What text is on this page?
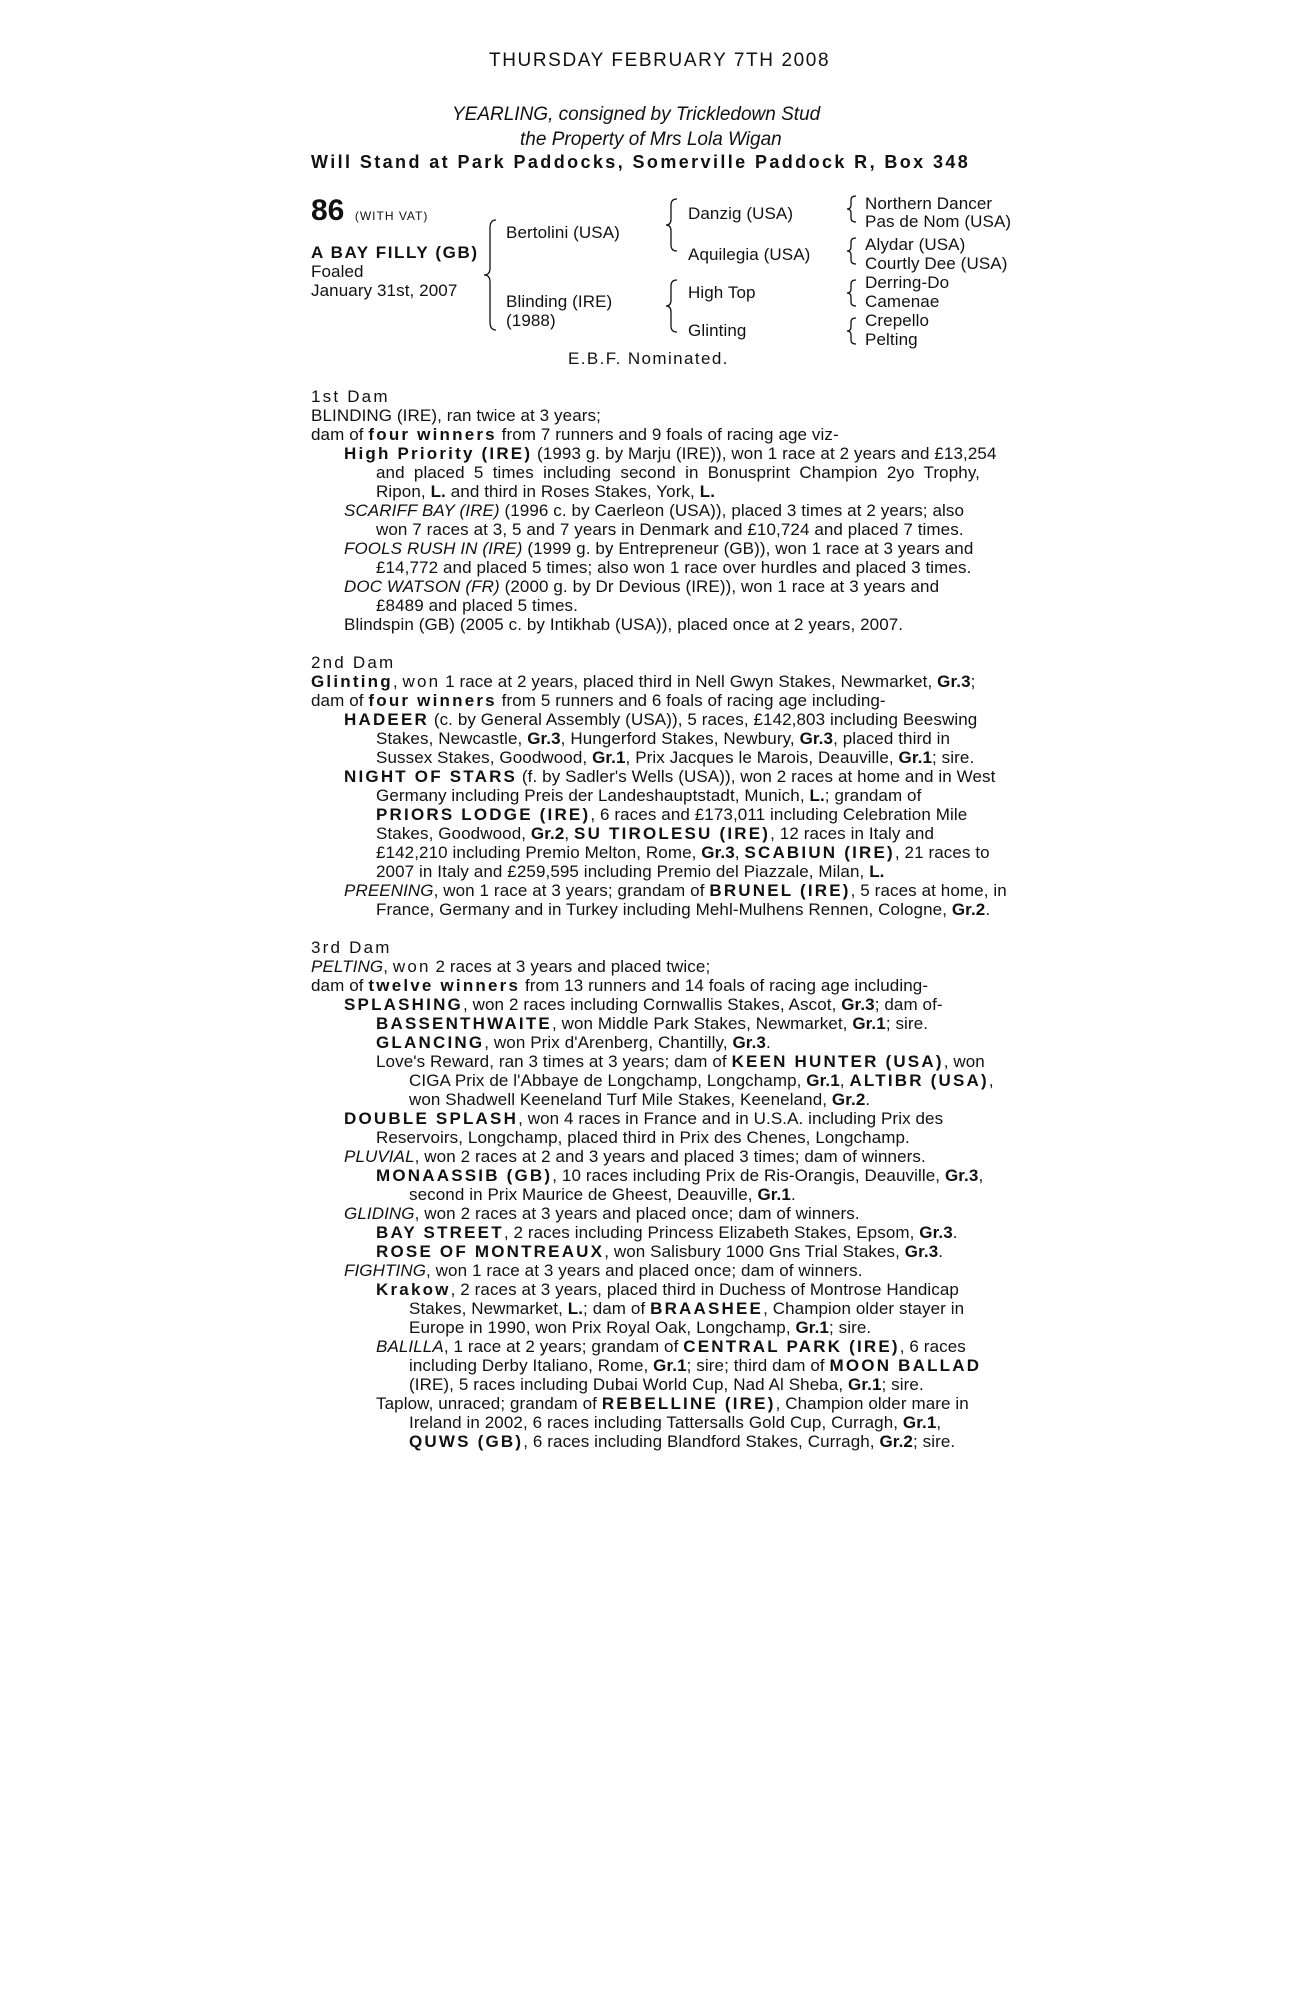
THURSDAY FEBRUARY 7TH 2008
YEARLING, consigned by Trickledown Stud
the Property of Mrs Lola Wigan
Will Stand at Park Paddocks, Somerville Paddock R, Box 348
86 (WITH VAT)
A BAY FILLY (GB)
Foaled
January 31st, 2007
Bertolini (USA)
Blinding (IRE)
(1988)
Danzig (USA)
Aquilegia (USA)
High Top
Glinting
Northern Dancer
Pas de Nom (USA)
Alydar (USA)
Courtly Dee (USA)
Derring-Do
Camenae
Crepello
Pelting
E.B.F. Nominated.
1st Dam
BLINDING (IRE), ran twice at 3 years;
dam of four winners from 7 runners and 9 foals of racing age viz-
High Priority (IRE) (1993 g. by Marju (IRE)), won 1 race at 2 years and £13,254
and placed 5 times including second in Bonusprint Champion 2yo Trophy,
Ripon, L. and third in Roses Stakes, York, L.
SCARIFF BAY (IRE) (1996 c. by Caerleon (USA)), placed 3 times at 2 years; also
won 7 races at 3, 5 and 7 years in Denmark and £10,724 and placed 7 times.
FOOLS RUSH IN (IRE) (1999 g. by Entrepreneur (GB)), won 1 race at 3 years and
£14,772 and placed 5 times; also won 1 race over hurdles and placed 3 times.
DOC WATSON (FR) (2000 g. by Dr Devious (IRE)), won 1 race at 3 years and
£8489 and placed 5 times.
Blindspin (GB) (2005 c. by Intikhab (USA)), placed once at 2 years, 2007.
2nd Dam
Glinting, won 1 race at 2 years, placed third in Nell Gwyn Stakes, Newmarket, Gr.3;
dam of four winners from 5 runners and 6 foals of racing age including-
HADEER (c. by General Assembly (USA)), 5 races, £142,803 including Beeswing
Stakes, Newcastle, Gr.3, Hungerford Stakes, Newbury, Gr.3, placed third in
Sussex Stakes, Goodwood, Gr.1, Prix Jacques le Marois, Deauville, Gr.1; sire.
NIGHT OF STARS (f. by Sadler's Wells (USA)), won 2 races at home and in West
Germany including Preis der Landeshauptstadt, Munich, L.; grandam of
PRIORS LODGE (IRE), 6 races and £173,011 including Celebration Mile
Stakes, Goodwood, Gr.2, SU TIROLESU (IRE), 12 races in Italy and
£142,210 including Premio Melton, Rome, Gr.3, SCABIUN (IRE), 21 races to
2007 in Italy and £259,595 including Premio del Piazzale, Milan, L.
PREENING, won 1 race at 3 years; grandam of BRUNEL (IRE), 5 races at home, in
France, Germany and in Turkey including Mehl-Mulhens Rennen, Cologne, Gr.2.
3rd Dam
PELTING, won 2 races at 3 years and placed twice;
dam of twelve winners from 13 runners and 14 foals of racing age including-
SPLASHING, won 2 races including Cornwallis Stakes, Ascot, Gr.3; dam of-
BASSENTHWAITE, won Middle Park Stakes, Newmarket, Gr.1; sire.
GLANCING, won Prix d'Arenberg, Chantilly, Gr.3.
Love's Reward, ran 3 times at 3 years; dam of KEEN HUNTER (USA), won
CIGA Prix de l'Abbaye de Longchamp, Longchamp, Gr.1, ALTIBR (USA),
won Shadwell Keeneland Turf Mile Stakes, Keeneland, Gr.2.
DOUBLE SPLASH, won 4 races in France and in U.S.A. including Prix des
Reservoirs, Longchamp, placed third in Prix des Chenes, Longchamp.
PLUVIAL, won 2 races at 2 and 3 years and placed 3 times; dam of winners.
MONAASSIB (GB), 10 races including Prix de Ris-Orangis, Deauville, Gr.3,
second in Prix Maurice de Gheest, Deauville, Gr.1.
GLIDING, won 2 races at 3 years and placed once; dam of winners.
BAY STREET, 2 races including Princess Elizabeth Stakes, Epsom, Gr.3.
ROSE OF MONTREAUX, won Salisbury 1000 Gns Trial Stakes, Gr.3.
FIGHTING, won 1 race at 3 years and placed once; dam of winners.
Krakow, 2 races at 3 years, placed third in Duchess of Montrose Handicap
Stakes, Newmarket, L.; dam of BRAASHEE, Champion older stayer in
Europe in 1990, won Prix Royal Oak, Longchamp, Gr.1; sire.
BALILLA, 1 race at 2 years; grandam of CENTRAL PARK (IRE), 6 races
including Derby Italiano, Rome, Gr.1; sire; third dam of MOON BALLAD
(IRE), 5 races including Dubai World Cup, Nad Al Sheba, Gr.1; sire.
Taplow, unraced; grandam of REBELLINE (IRE), Champion older mare in
Ireland in 2002, 6 races including Tattersalls Gold Cup, Curragh, Gr.1,
QUWS (GB), 6 races including Blandford Stakes, Curragh, Gr.2; sire.
